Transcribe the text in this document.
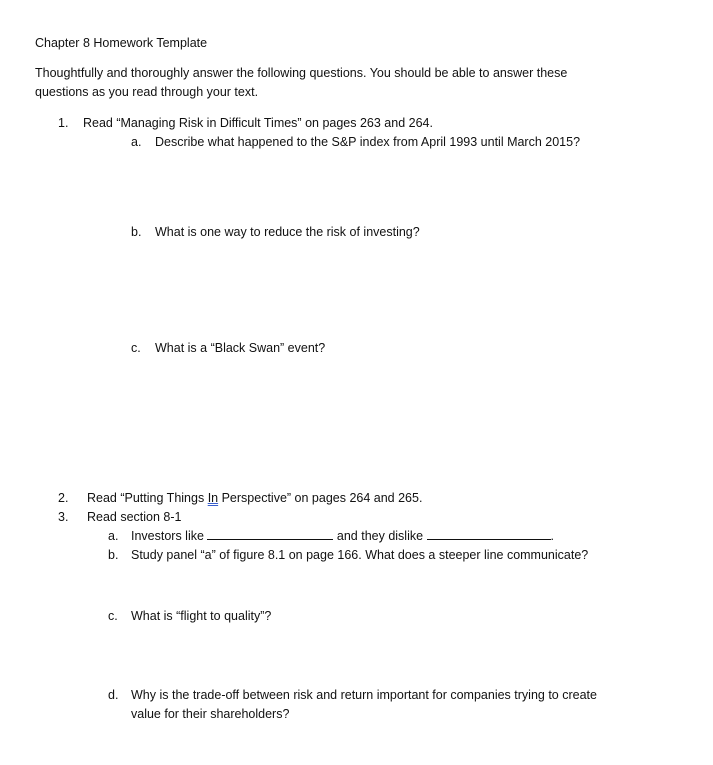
Chapter 8 Homework Template
Thoughtfully and thoroughly answer the following questions. You should be able to answer these
questions as you read through your text.
1. Read “Managing Risk in Difficult Times” on pages 263 and 264.
a. Describe what happened to the S&P index from April 1993 until March 2015?
b. What is one way to reduce the risk of investing?
c. What is a “Black Swan” event?
2. Read “Putting Things In Perspective” on pages 264 and 265.
3. Read section 8-1
a. Investors like	and they dislike	.
b. Study panel “a” of figure 8.1 on page 166. What does a steeper line communicate?
c. What is “flight to quality”?
d. Why is the trade-off between risk and return important for companies trying to create
value for their shareholders?
